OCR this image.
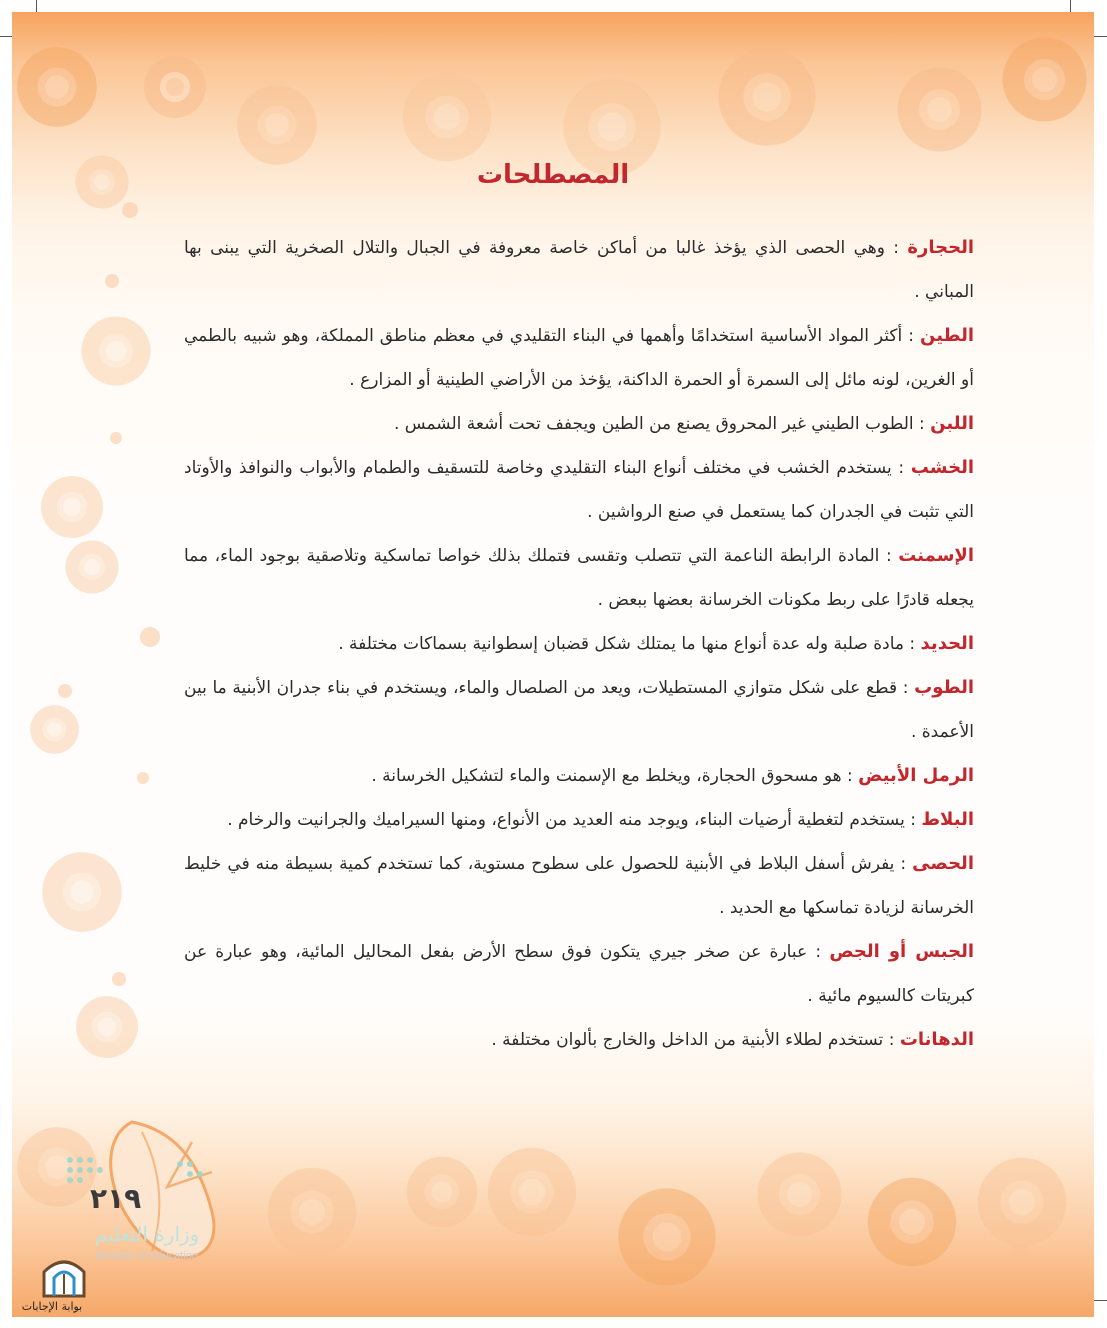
المصطلحات

الحجارة : وهي الحصى الذي يؤخذ غالبا من أماكن خاصة معروفة في الجبال والتلال الصخرية التي يبنى بها المباني .

الطين : أكثر المواد الأساسية استخدامًا وأهمها في البناء التقليدي في معظم مناطق المملكة، وهو شبيه بالطمي أو الغرين، لونه مائل إلى السمرة أو الحمرة الداكنة، يؤخذ من الأراضي الطينية أو المزارع .

اللبن : الطوب الطيني غير المحروق يصنع من الطين ويجفف تحت أشعة الشمس .

الخشب : يستخدم الخشب في مختلف أنواع البناء التقليدي وخاصة للتسقيف والطمام والأبواب والنوافذ والأوتاد التي تثبت في الجدران كما يستعمل في صنع الرواشين .

الإسمنت : المادة الرابطة الناعمة التي تتصلب وتقسى فتملك بذلك خواصا تماسكية وتلاصقية بوجود الماء، مما يجعله قادرًا على ربط مكونات الخرسانة بعضها ببعض .

الحديد : مادة صلبة وله عدة أنواع منها ما يمتلك شكل قضبان إسطوانية بسماكات مختلفة .

الطوب : قطع على شكل متوازي المستطيلات، ويعد من الصلصال والماء، ويستخدم في بناء جدران الأبنية ما بين الأعمدة .

الرمل الأبيض : هو مسحوق الحجارة، ويخلط مع الإسمنت والماء لتشكيل الخرسانة .

البلاط : يستخدم لتغطية أرضيات البناء، ويوجد منه العديد من الأنواع، ومنها السيراميك والجرانيت والرخام .

الحصى : يفرش أسفل البلاط في الأبنية للحصول على سطوح مستوية، كما تستخدم كمية بسيطة منه في خليط الخرسانة لزيادة تماسكها مع الحديد .

الجبس أو الجص : عبارة عن صخر جيري يتكون فوق سطح الأرض بفعل المحاليل المائية، وهو عبارة عن كبريتات كالسيوم مائية .

الدهانات : تستخدم لطلاء الأبنية من الداخل والخارج بألوان مختلفة .

٢١٩
وزارة التعليم
Ministry of Education
بوابة الإجابات
